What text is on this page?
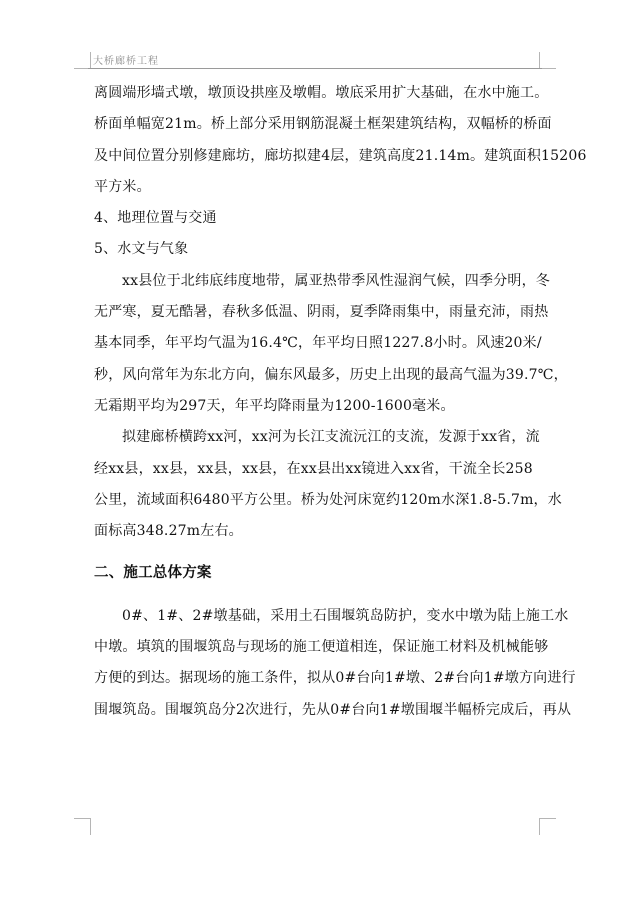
大桥廊桥工程
离圆端形墙式墩，墩顶设拱座及墩帽。墩底采用扩大基础，在水中施工。
桥面单幅宽21m。桥上部分采用钢筋混凝土框架建筑结构，双幅桥的桥面
及中间位置分别修建廊坊，廊坊拟建4层，建筑高度21.14m。建筑面积15206
平方米。
4、地理位置与交通
5、水文与气象
xx县位于北纬底纬度地带，属亚热带季风性湿润气候，四季分明，冬
无严寒，夏无酷暑，春秋多低温、阴雨，夏季降雨集中，雨量充沛，雨热
基本同季，年平均气温为16.4℃，年平均日照1227.8小时。风速20米/
秒，风向常年为东北方向，偏东风最多，历史上出现的最高气温为39.7℃，
无霜期平均为297天，年平均降雨量为1200-1600毫米。
拟建廊桥横跨xx河，xx河为长江支流沅江的支流，发源于xx省，流
经xx县，xx县，xx县，xx县，在xx县出xx镜进入xx省，干流全长258
公里，流域面积6480平方公里。桥为处河床宽约120m水深1.8-5.7m，水
面标高348.27m左右。
二、施工总体方案
0#、1#、2#墩基础，采用土石围堰筑岛防护，变水中墩为陆上施工水
中墩。填筑的围堰筑岛与现场的施工便道相连，保证施工材料及机械能够
方便的到达。据现场的施工条件，拟从0#台向1#墩、2#台向1#墩方向进行
围堰筑岛。围堰筑岛分2次进行，先从0#台向1#墩围堰半幅桥完成后，再从
